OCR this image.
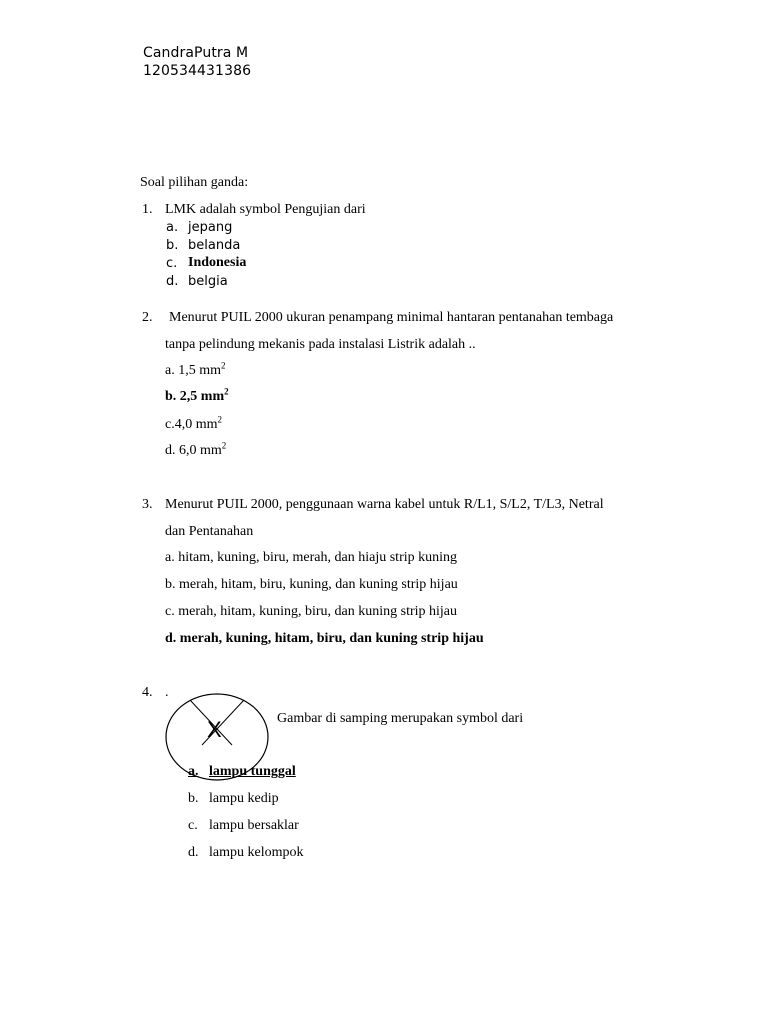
CandraPutra M
120534431386
Soal pilihan ganda:
1. LMK adalah symbol Pengujian dari
a. jepang
b. belanda
c. Indonesia
d. belgia
2. Menurut PUIL 2000 ukuran penampang minimal hantaran pentanahan tembaga
tanpa pelindung mekanis pada instalasi Listrik adalah ..
a. 1,5 $mm^2$
b. 2,5 $mm^2$
c.4,0 $mm^2$
d. 6,0 $mm^2$
3. Menurut PUIL 2000, penggunaan warna kabel untuk R/L1, S/L2, T/L3, Netral
dan Pentanahan
a. hitam, kuning, biru, merah, dan hiaju strip kuning
b. merah, hitam, biru, kuning, dan kuning strip hijau
c. merah, hitam, kuning, biru, dan kuning strip hijau
d. merah, kuning, hitam, biru, dan kuning strip hijau
4. .
X	Gambar di samping merupakan symbol dari
a. lampu tunggal
b. lampu kedip
c. lampu bersaklar
d. lampu kelompok
